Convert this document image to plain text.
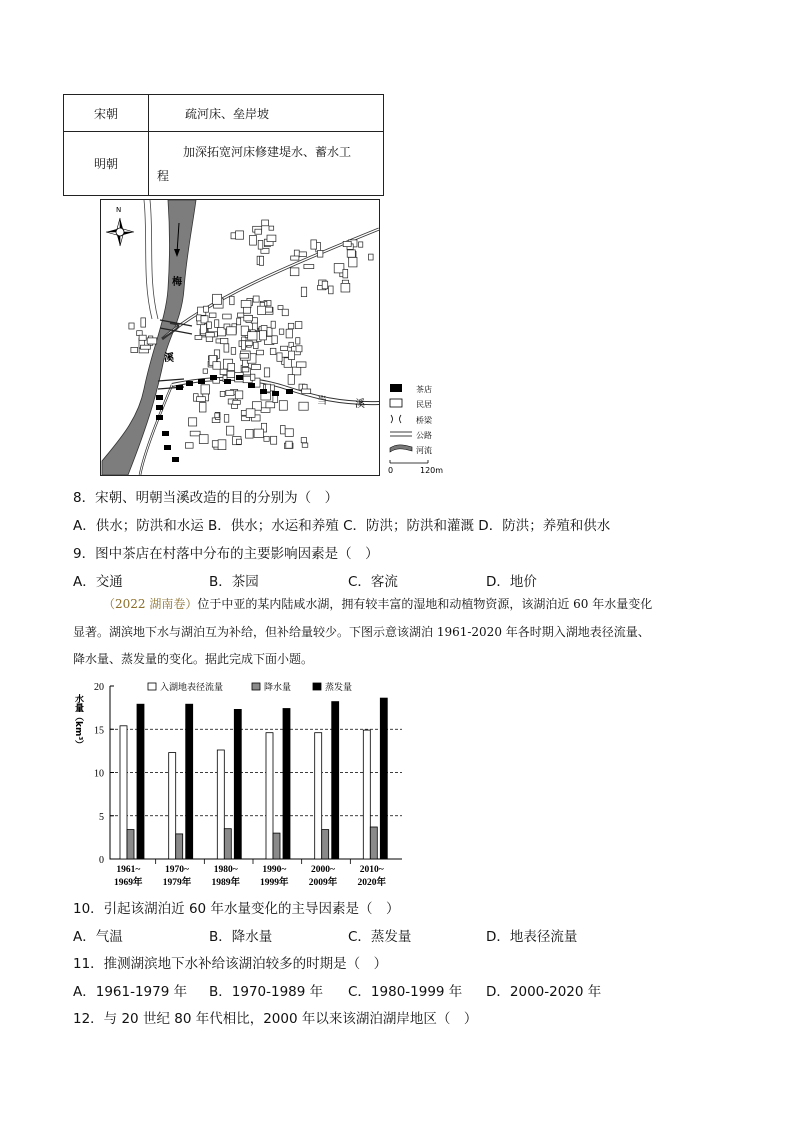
宋朝	疏河床、垒岸坡
明朝	加深拓宽河床修建堤水、蓄水工
程
N
梅
溪
当	溪
茶店
民居
桥梁
公路
河流
0	120m
8．宋朝、明朝当溪改造的目的分别为（　）
A．供水；防洪和水运 B．供水；水运和养殖 C．防洪；防洪和灌溉 D．防洪；养殖和供水
9．图中茶店在村落中分布的主要影响因素是（　）
A．交通	B．茶园	C．客流	D．地价
（2022 湖南卷）位于中亚的某内陆咸水湖，拥有较丰富的湿地和动植物资源，该湖泊近 60 年水量变化
显著。湖滨地下水与湖泊互为补给，但补给量较少。下图示意该湖泊 1961-2020 年各时期入湖地表径流量、
降水量、蒸发量的变化。据此完成下面小题。
0
5
10
15
20
水量（km³）
1961~
1969年
1970~
1979年
1980~
1989年
1990~
1999年
2000~
2009年
2010~
2020年
入湖地表径流量	降水量	蒸发量
10．引起该湖泊近 60 年水量变化的主导因素是（　）
A．气温	B．降水量	C．蒸发量	D．地表径流量
11．推测湖滨地下水补给该湖泊较多的时期是（　）
A．1961-1979 年 B．1970-1989 年 C．1980-1999 年 D．2000-2020 年
12．与 20 世纪 80 年代相比，2000 年以来该湖泊湖岸地区（　）
